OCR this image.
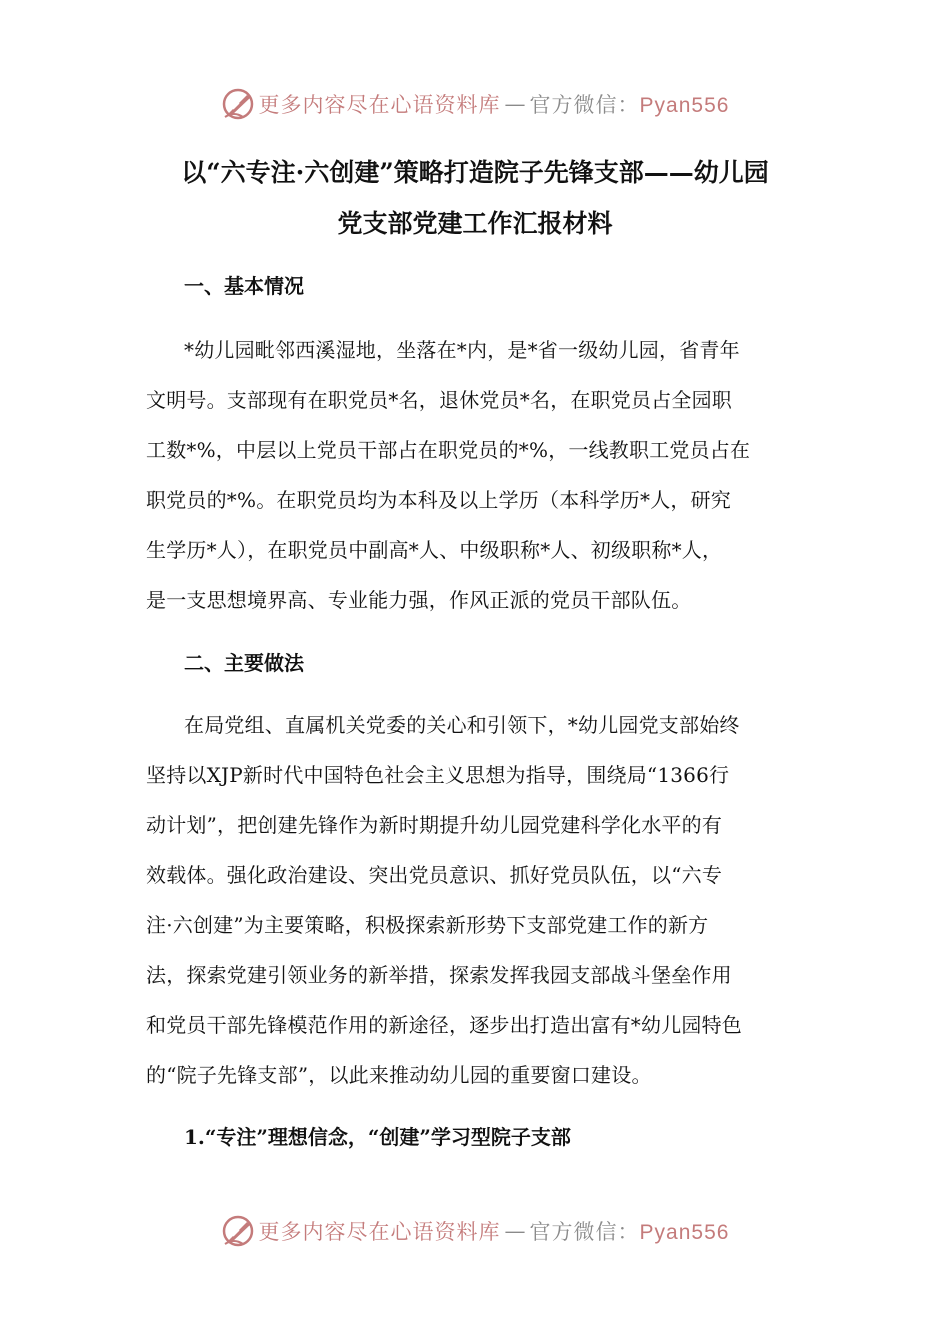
更多内容尽在心语资料库 — 官方微信：Pyan556
以“六专注·六创建”策略打造院子先锋支部——幼儿园
党支部党建工作汇报材料
一、基本情况

*幼儿园毗邻西溪湿地，坐落在*内，是*省一级幼儿园，省青年

文明号。支部现有在职党员*名，退休党员*名，在职党员占全园职

工数*%，中层以上党员干部占在职党员的*%，一线教职工党员占在

职党员的*%。在职党员均为本科及以上学历（本科学历*人，研究

生学历*人），在职党员中副高*人、中级职称*人、初级职称*人，

是一支思想境界高、专业能力强，作风正派的党员干部队伍。

二、主要做法

在局党组、直属机关党委的关心和引领下，*幼儿园党支部始终

坚持以XJP新时代中国特色社会主义思想为指导，围绕局“1366行

动计划”，把创建先锋作为新时期提升幼儿园党建科学化水平的有

效载体。强化政治建设、突出党员意识、抓好党员队伍，以“六专

注·六创建”为主要策略，积极探索新形势下支部党建工作的新方

法，探索党建引领业务的新举措，探索发挥我园支部战斗堡垒作用

和党员干部先锋模范作用的新途径，逐步出打造出富有*幼儿园特色

的“院子先锋支部”，以此来推动幼儿园的重要窗口建设。

1.“专注”理想信念，“创建”学习型院子支部
更多内容尽在心语资料库 — 官方微信：Pyan556
